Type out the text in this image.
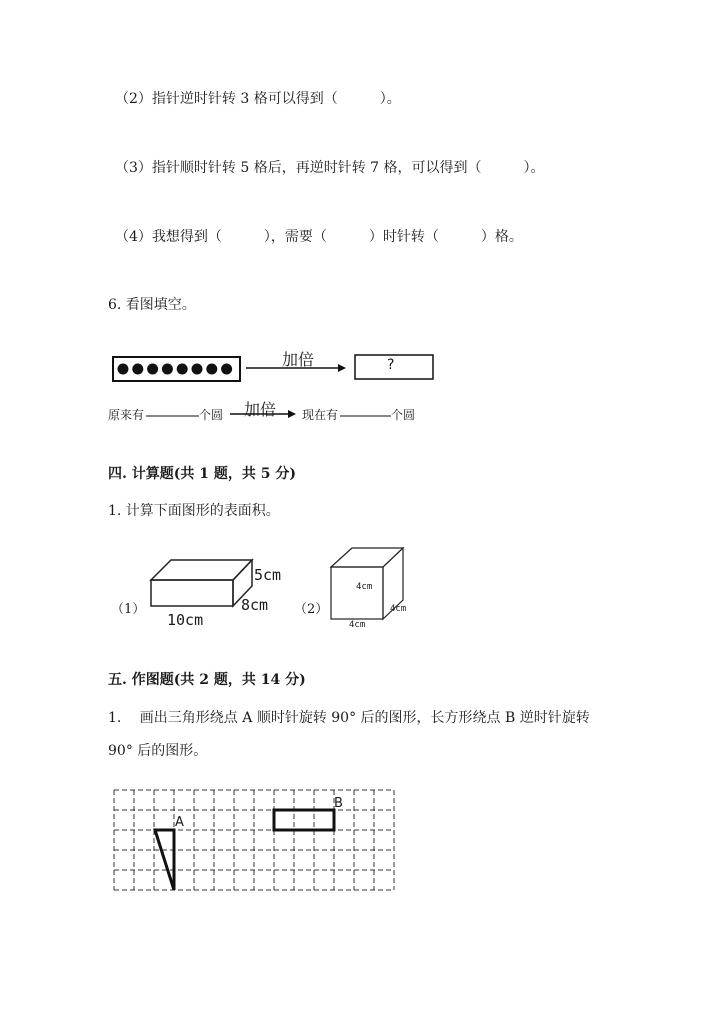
（2）指针逆时针转 3 格可以得到（　　　）。
（3）指针顺时针转 5 格后，再逆时针转 7 格，可以得到（　　　）。
（4）我想得到（　　　），需要（　　　）时针转（　　　）格。
6. 看图填空。
加倍	?
原来有	个圆 加倍 现在有	个圆
四. 计算题(共 1 题，共 5 分)
1. 计算下面图形的表面积。
（1）
5cm
8cm
10cm
（2）
4cm
4cm
4cm
五. 作图题(共 2 题，共 14 分)
1.　 画出三角形绕点 A 顺时针旋转 90° 后的图形，长方形绕点 B 逆时针旋转
90° 后的图形。
A
B
